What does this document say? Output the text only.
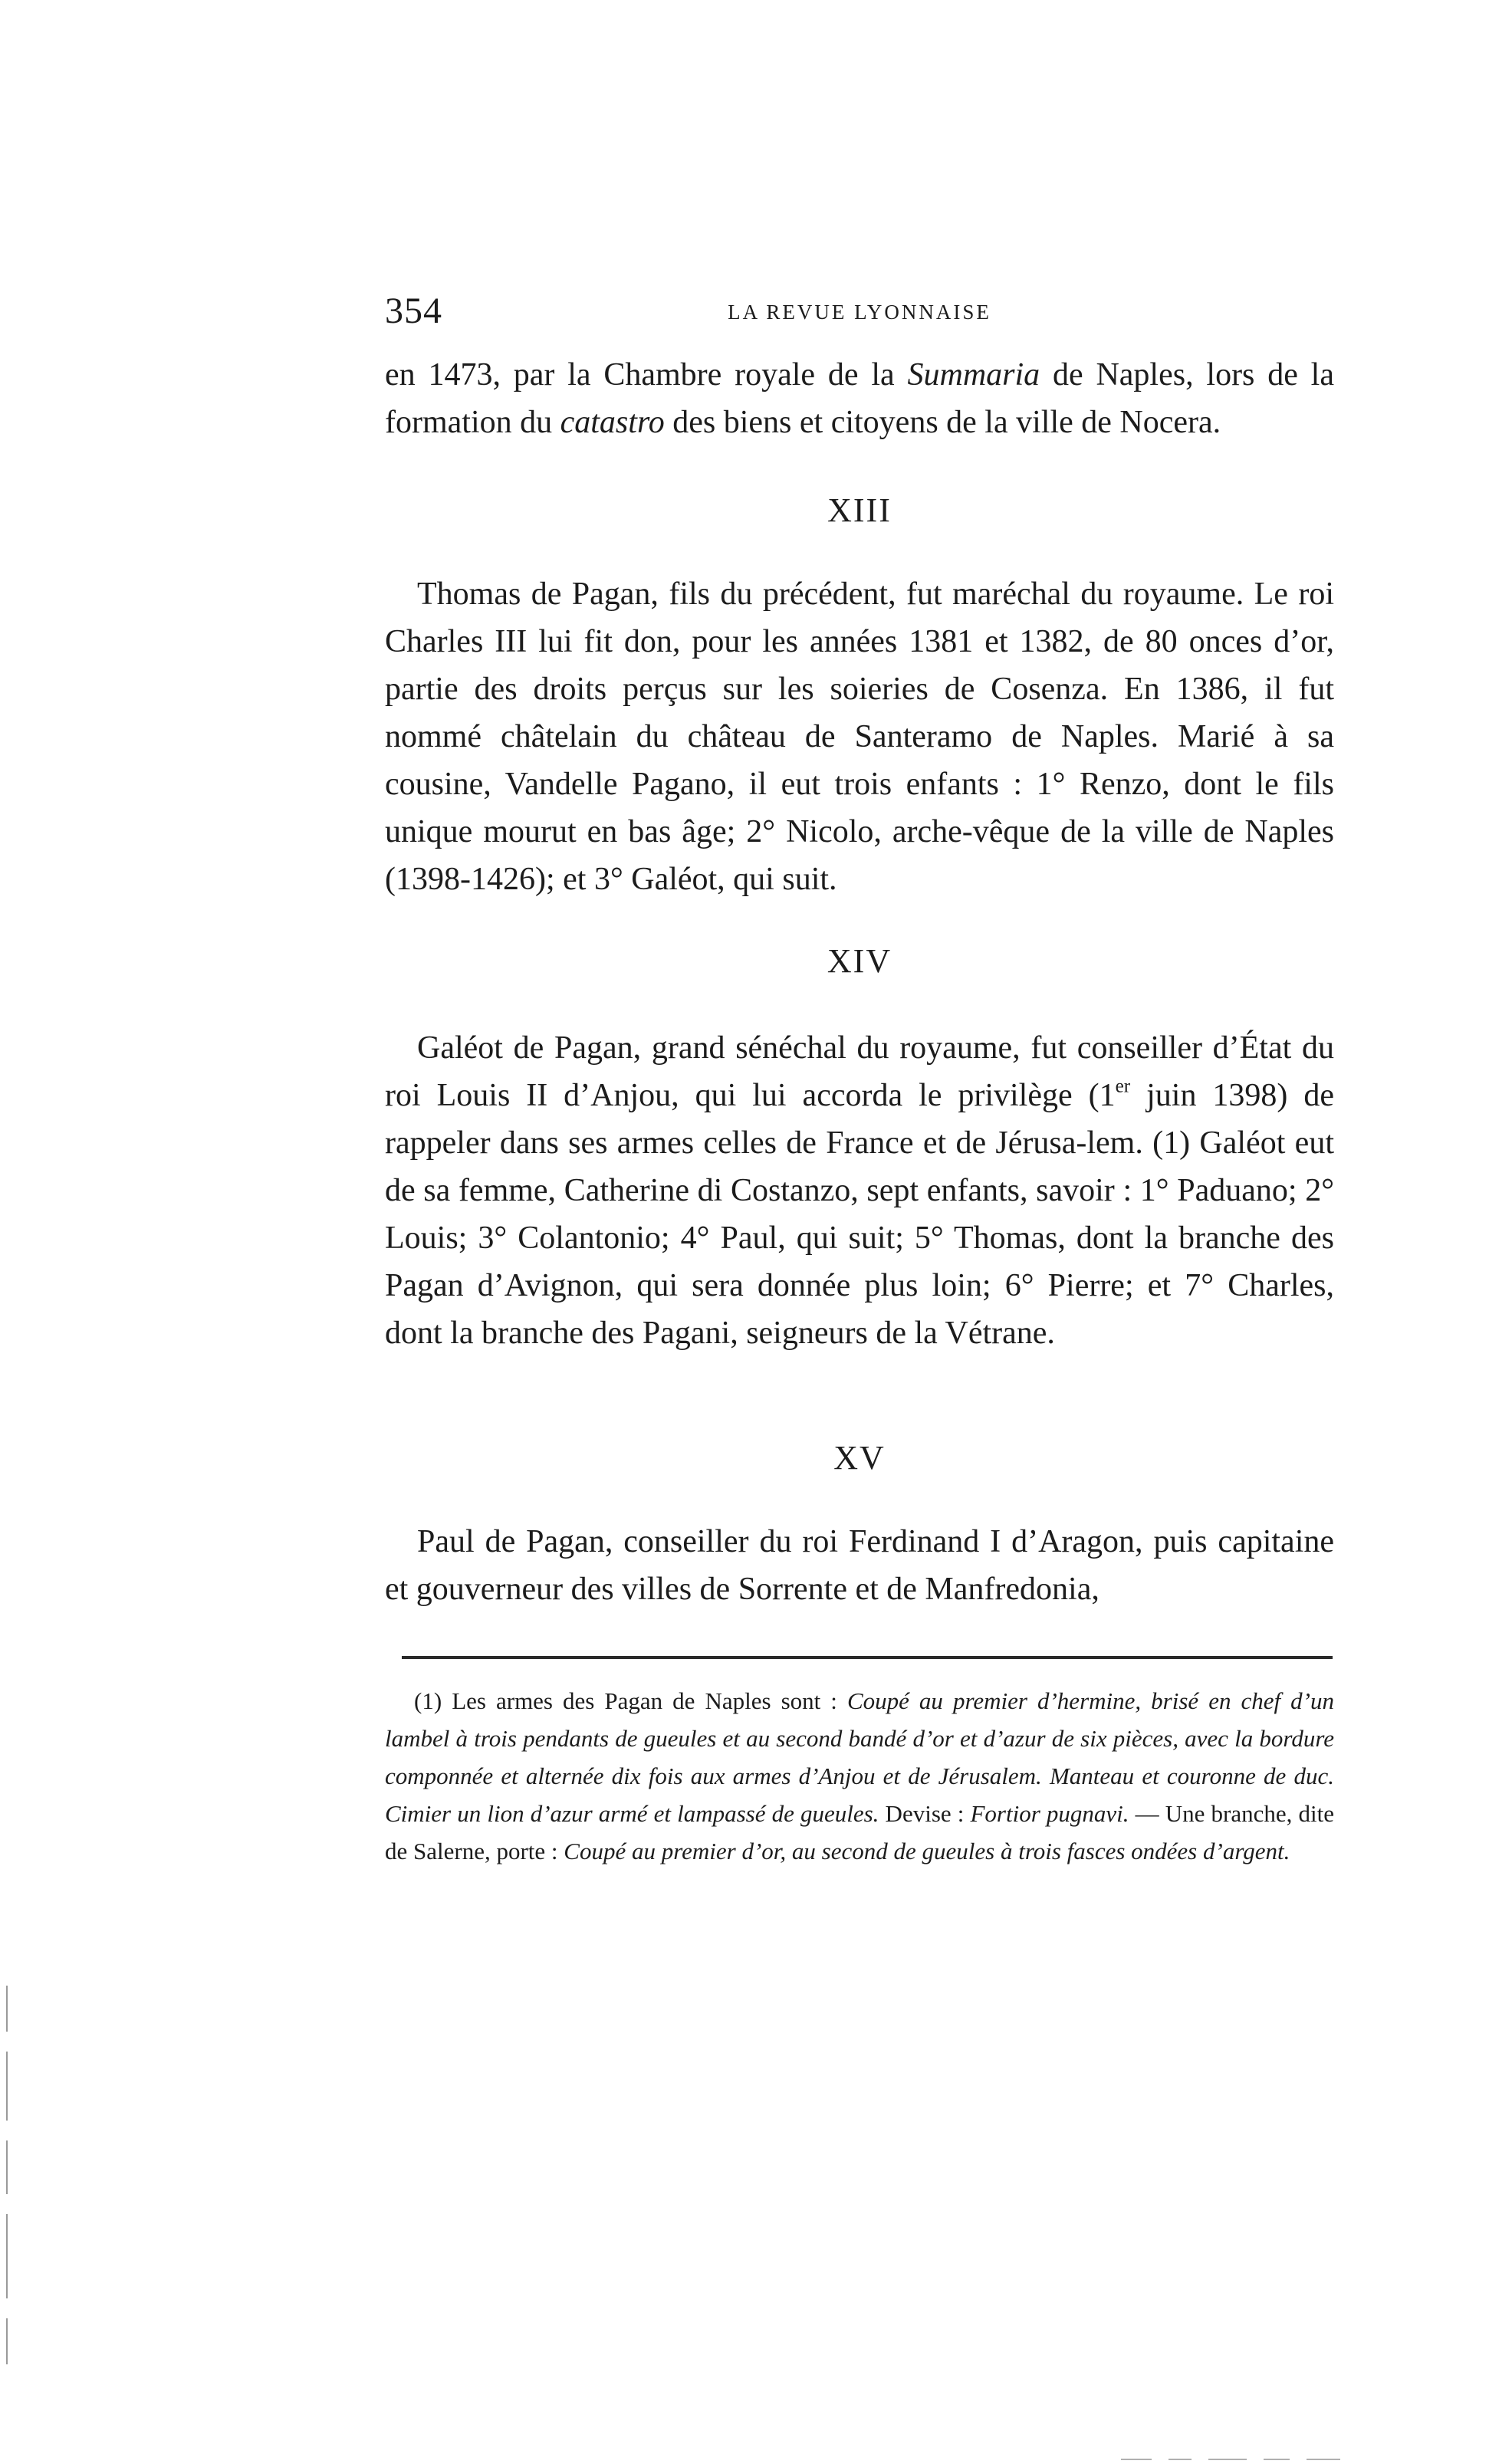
354	LA REVUE LYONNAISE

en 1473, par la Chambre royale de la Summaria de Naples, lors de la formation du catastro des biens et citoyens de la ville de Nocera.

XIII

Thomas de Pagan, fils du précédent, fut maréchal du royaume. Le roi Charles III lui fit don, pour les années 1381 et 1382, de 80 onces d’or, partie des droits perçus sur les soieries de Cosenza. En 1386, il fut nommé châtelain du château de Santeramo de Naples. Marié à sa cousine, Vandelle Pagano, il eut trois enfants : 1° Renzo, dont le fils unique mourut en bas âge; 2° Nicolo, arche-vêque de la ville de Naples (1398-1426); et 3° Galéot, qui suit.

XIV

Galéot de Pagan, grand sénéchal du royaume, fut conseiller d’État du roi Louis II d’Anjou, qui lui accorda le privilège (1er juin 1398) de rappeler dans ses armes celles de France et de Jérusa-lem. (1) Galéot eut de sa femme, Catherine di Costanzo, sept enfants, savoir : 1° Paduano; 2° Louis; 3° Colantonio; 4° Paul, qui suit; 5° Thomas, dont la branche des Pagan d’Avignon, qui sera donnée plus loin; 6° Pierre; et 7° Charles, dont la branche des Pagani, seigneurs de la Vétrane.

XV

Paul de Pagan, conseiller du roi Ferdinand I d’Aragon, puis capitaine et gouverneur des villes de Sorrente et de Manfredonia,

(1) Les armes des Pagan de Naples sont : Coupé au premier d’hermine, brisé en chef d’un lambel à trois pendants de gueules et au second bandé d’or et d’azur de six pièces, avec la bordure componnée et alternée dix fois aux armes d’Anjou et de Jérusalem. Manteau et couronne de duc. Cimier un lion d’azur armé et lampassé de gueules. Devise : Fortior pugnavi. — Une branche, dite de Salerne, porte : Coupé au premier d’or, au second de gueules à trois fasces ondées d’argent.
